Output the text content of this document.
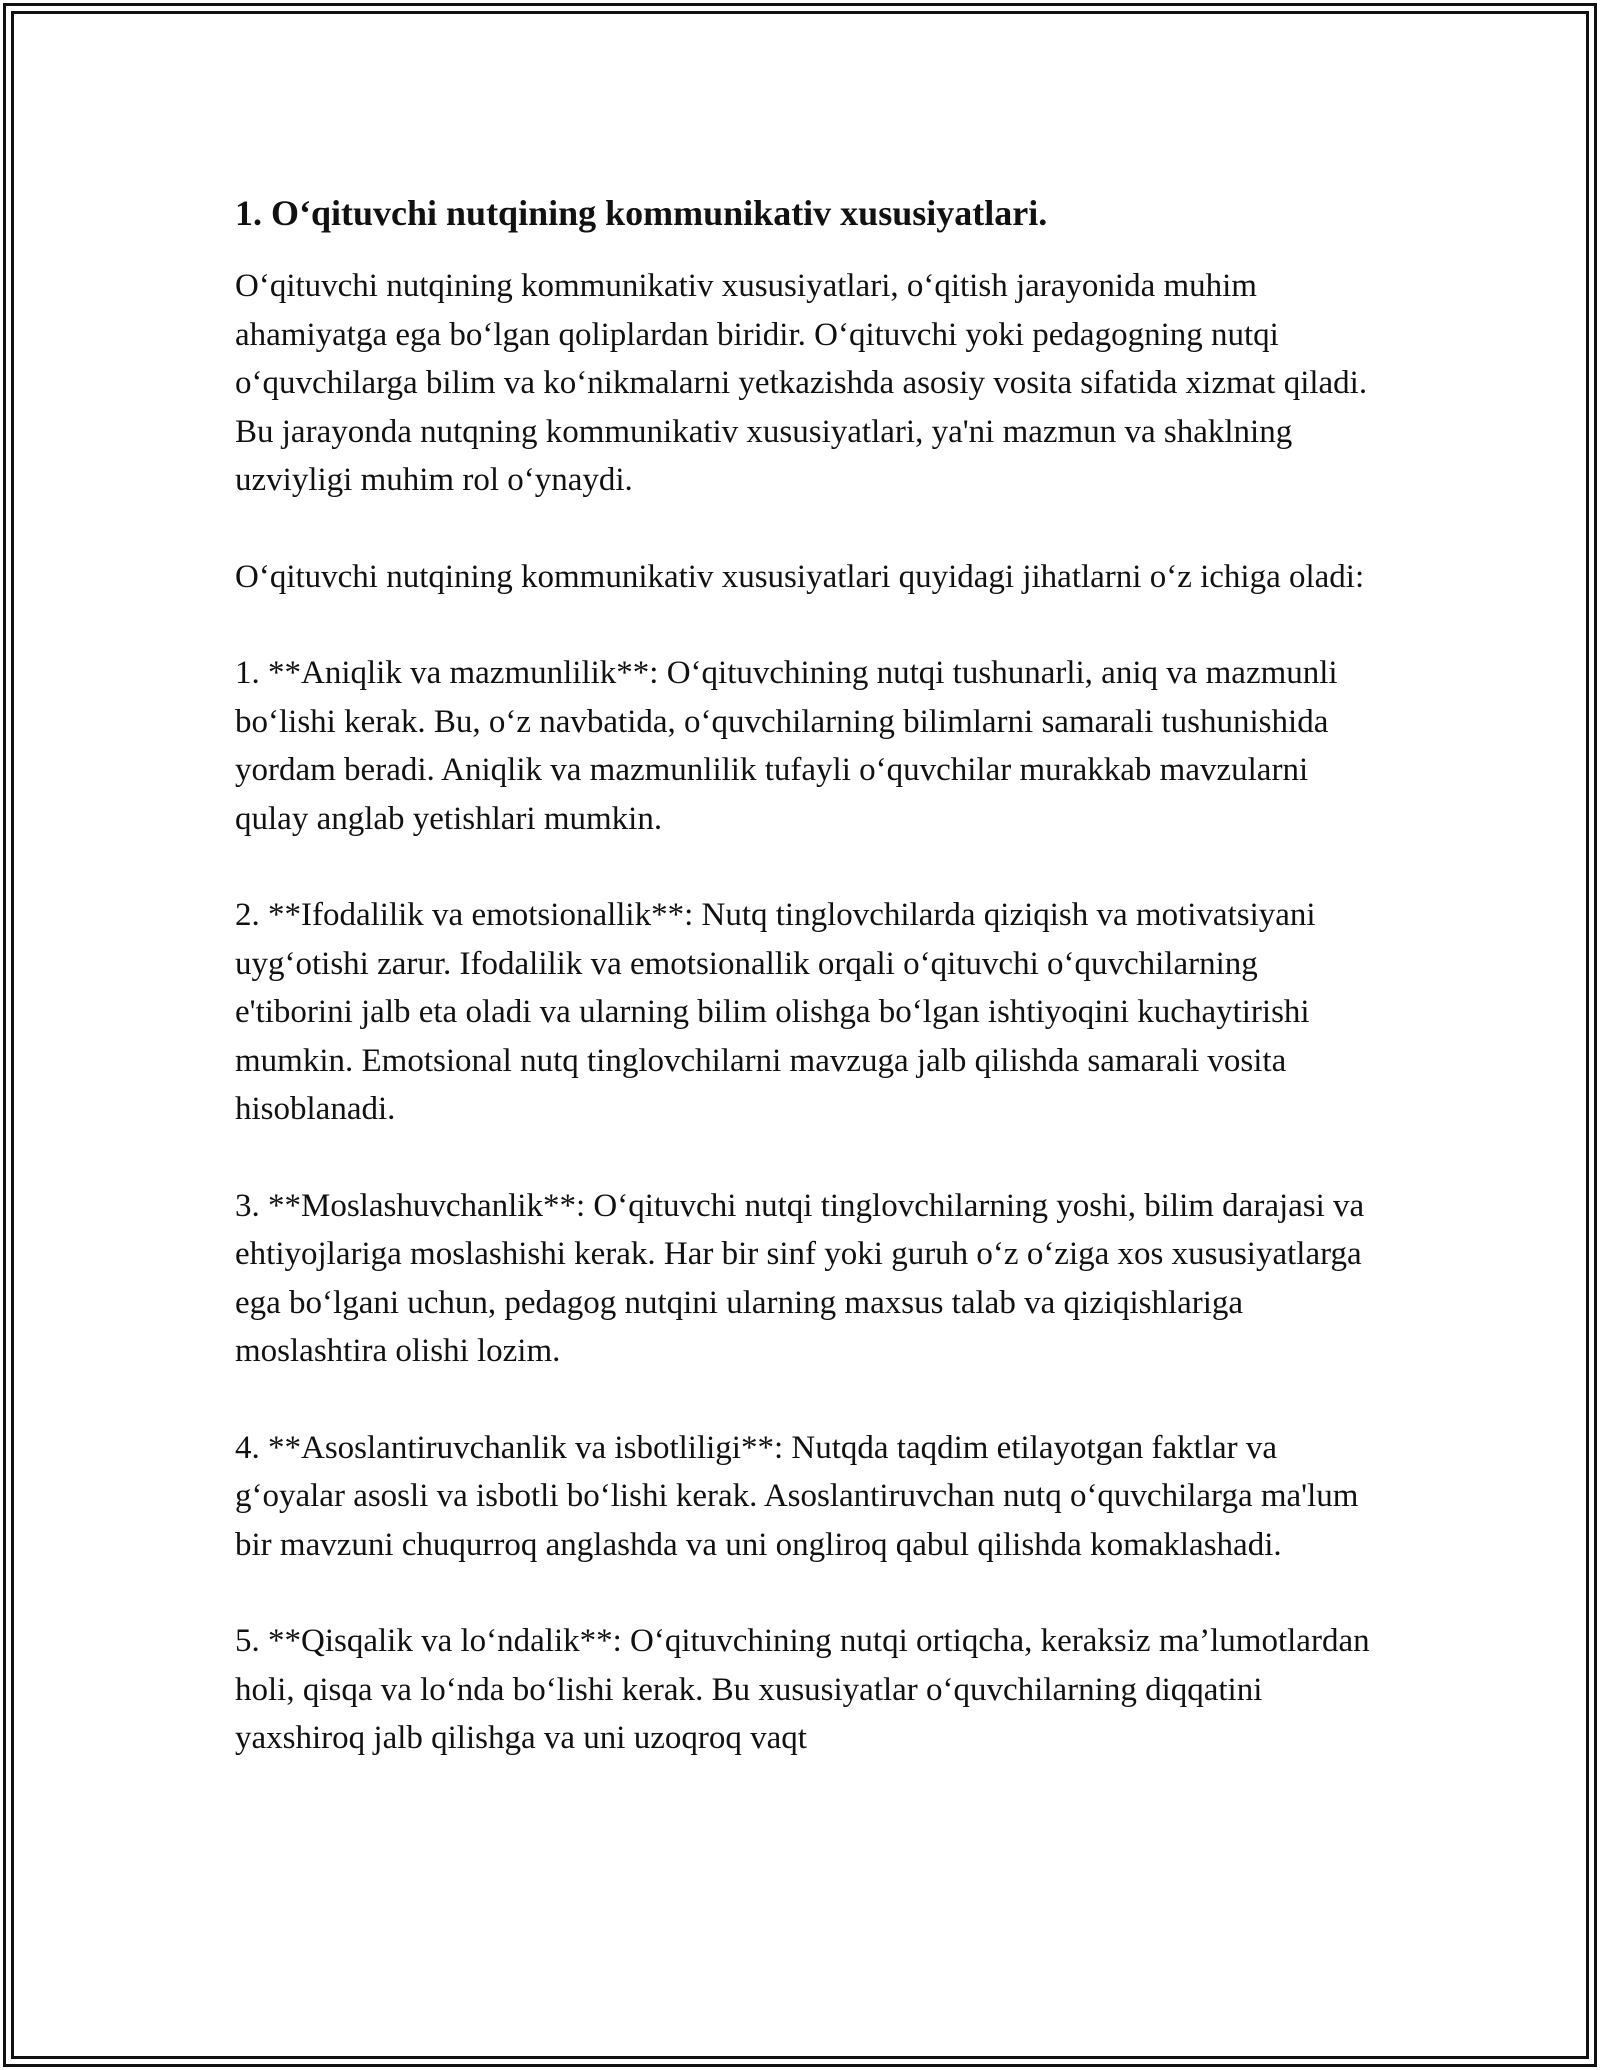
1. O‘qituvchi nutqining kommunikativ xususiyatlari.

O‘qituvchi nutqining kommunikativ xususiyatlari, o‘qitish jarayonida muhim ahamiyatga ega bo‘lgan qoliplardan biridir. O‘qituvchi yoki pedagogning nutqi o‘quvchilarga bilim va ko‘nikmalarni yetkazishda asosiy vosita sifatida xizmat qiladi. Bu jarayonda nutqning kommunikativ xususiyatlari, ya'ni mazmun va shaklning uzviyligi muhim rol o‘ynaydi.

O‘qituvchi nutqining kommunikativ xususiyatlari quyidagi jihatlarni o‘z ichiga oladi:

1. **Aniqlik va mazmunlilik**: O‘qituvchining nutqi tushunarli, aniq va mazmunli bo‘lishi kerak. Bu, o‘z navbatida, o‘quvchilarning bilimlarni samarali tushunishida yordam beradi. Aniqlik va mazmunlilik tufayli o‘quvchilar murakkab mavzularni qulay anglab yetishlari mumkin.

2. **Ifodalilik va emotsionallik**: Nutq tinglovchilarda qiziqish va motivatsiyani uyg‘otishi zarur. Ifodalilik va emotsionallik orqali o‘qituvchi o‘quvchilarning e'tiborini jalb eta oladi va ularning bilim olishga bo‘lgan ishtiyoqini kuchaytirishi mumkin. Emotsional nutq tinglovchilarni mavzuga jalb qilishda samarali vosita hisoblanadi.

3. **Moslashuvchanlik**: O‘qituvchi nutqi tinglovchilarning yoshi, bilim darajasi va ehtiyojlariga moslashishi kerak. Har bir sinf yoki guruh o‘z o‘ziga xos xususiyatlarga ega bo‘lgani uchun, pedagog nutqini ularning maxsus talab va qiziqishlariga moslashtira olishi lozim.

4. **Asoslantiruvchanlik va isbotliligi**: Nutqda taqdim etilayotgan faktlar va g‘oyalar asosli va isbotli bo‘lishi kerak. Asoslantiruvchan nutq o‘quvchilarga ma'lum bir mavzuni chuqurroq anglashda va uni ongliroq qabul qilishda komaklashadi.

5. **Qisqalik va lo‘ndalik**: O‘qituvchining nutqi ortiqcha, keraksiz ma’lumotlardan holi, qisqa va lo‘nda bo‘lishi kerak. Bu xususiyatlar o‘quvchilarning diqqatini yaxshiroq jalb qilishga va uni uzoqroq vaqt
